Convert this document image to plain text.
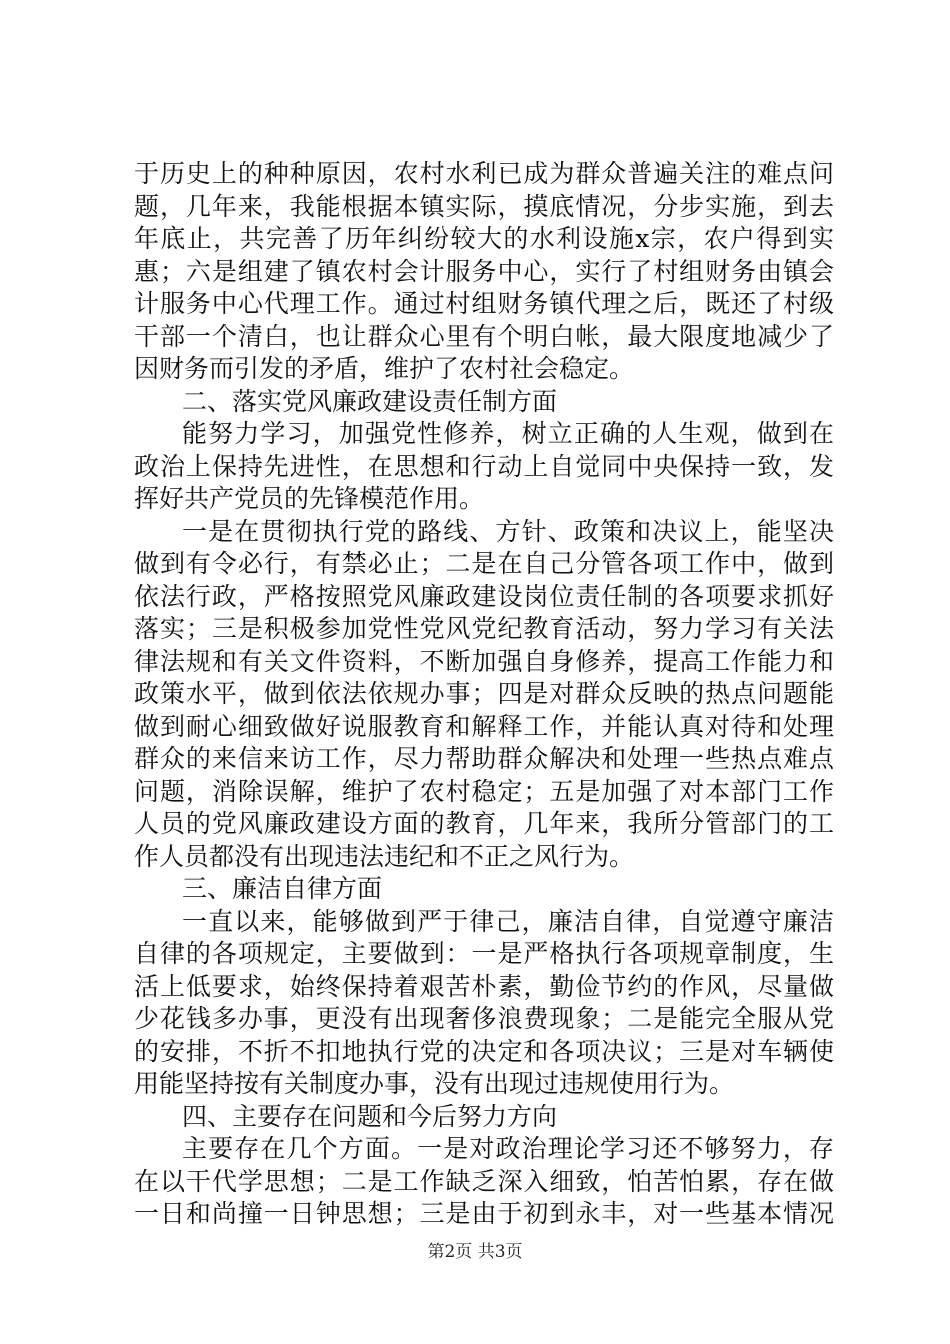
于历史上的种种原因，农村水利已成为群众普遍关注的难点问
题，几年来，我能根据本镇实际，摸底情况，分步实施，到去
年底止，共完善了历年纠纷较大的水利设施x宗，农户得到实
惠；六是组建了镇农村会计服务中心，实行了村组财务由镇会
计服务中心代理工作。通过村组财务镇代理之后，既还了村级
干部一个清白，也让群众心里有个明白帐，最大限度地减少了
因财务而引发的矛盾，维护了农村社会稳定。
二、落实党风廉政建设责任制方面
能努力学习，加强党性修养，树立正确的人生观，做到在
政治上保持先进性，在思想和行动上自觉同中央保持一致，发
挥好共产党员的先锋模范作用。
一是在贯彻执行党的路线、方针、政策和决议上，能坚决
做到有令必行，有禁必止；二是在自己分管各项工作中，做到
依法行政，严格按照党风廉政建设岗位责任制的各项要求抓好
落实；三是积极参加党性党风党纪教育活动，努力学习有关法
律法规和有关文件资料，不断加强自身修养，提高工作能力和
政策水平，做到依法依规办事；四是对群众反映的热点问题能
做到耐心细致做好说服教育和解释工作，并能认真对待和处理
群众的来信来访工作，尽力帮助群众解决和处理一些热点难点
问题，消除误解，维护了农村稳定；五是加强了对本部门工作
人员的党风廉政建设方面的教育，几年来，我所分管部门的工
作人员都没有出现违法违纪和不正之风行为。
三、廉洁自律方面
一直以来，能够做到严于律己，廉洁自律，自觉遵守廉洁
自律的各项规定，主要做到：一是严格执行各项规章制度，生
活上低要求，始终保持着艰苦朴素，勤俭节约的作风，尽量做
少花钱多办事，更没有出现奢侈浪费现象；二是能完全服从党
的安排，不折不扣地执行党的决定和各项决议；三是对车辆使
用能坚持按有关制度办事，没有出现过违规使用行为。
四、主要存在问题和今后努力方向
主要存在几个方面。一是对政治理论学习还不够努力，存
在以干代学思想；二是工作缺乏深入细致，怕苦怕累，存在做
一日和尚撞一日钟思想；三是由于初到永丰，对一些基本情况
第2页 共3页
